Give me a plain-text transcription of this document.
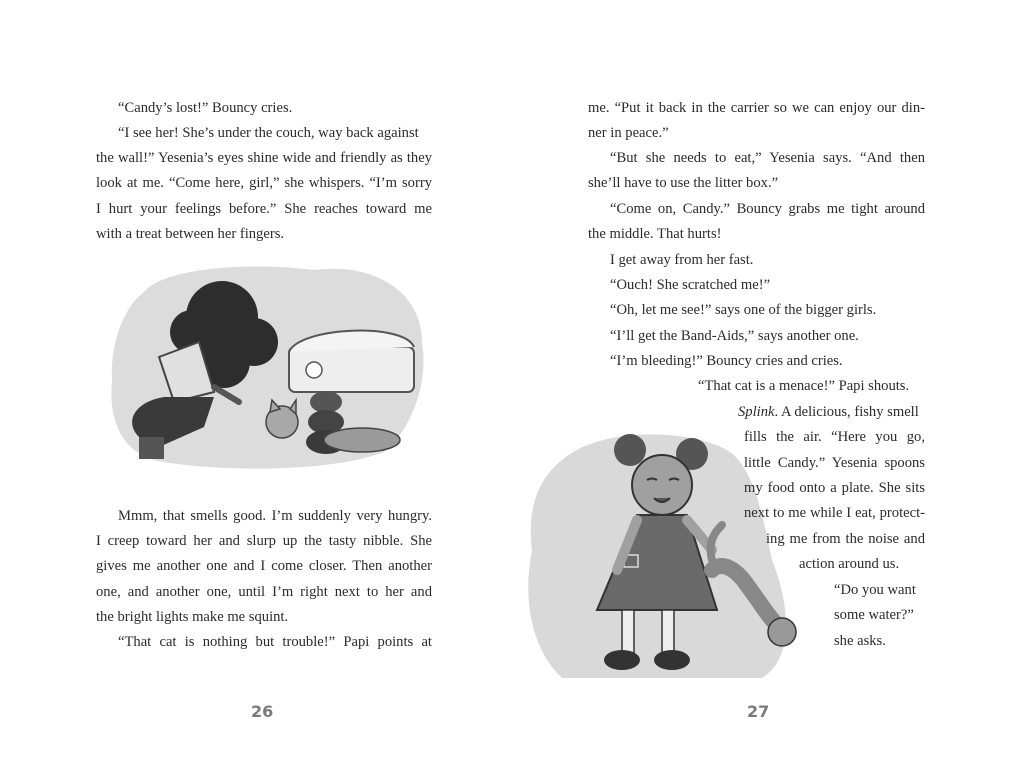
“Candy’s lost!” Bouncy cries.
“I see her! She’s under the couch, way back against
the wall!” Yesenia’s eyes shine wide and friendly as they
look at me. “Come here, girl,” she whispers. “I’m sorry
I hurt your feelings before.” She reaches toward me
with a treat between her fingers.
Mmm, that smells good. I’m suddenly very hungry.
I creep toward her and slurp up the tasty nibble. She
gives me another one and I come closer. Then another
one, and another one, until I’m right next to her and
the bright lights make me squint.
“That cat is nothing but trouble!” Papi points at
26
me. “Put it back in the carrier so we can enjoy our din-
ner in peace.”
“But she needs to eat,” Yesenia says. “And then
she’ll have to use the litter box.”
“Come on, Candy.” Bouncy grabs me tight around
the middle. That hurts!
I get away from her fast.
“Ouch! She scratched me!”
“Oh, let me see!” says one of the bigger girls.
“I’ll get the Band-Aids,” says another one.
“I’m bleeding!” Bouncy cries and cries.
“That cat is a menace!” Papi shouts.
Splink. A delicious, fishy smell
fills the air. “Here you go,
little Candy.” Yesenia spoons
my food onto a plate. She sits
next to me while I eat, protect-
ing me from the noise and
action around us.
“Do you want
some water?”
she asks.
27
